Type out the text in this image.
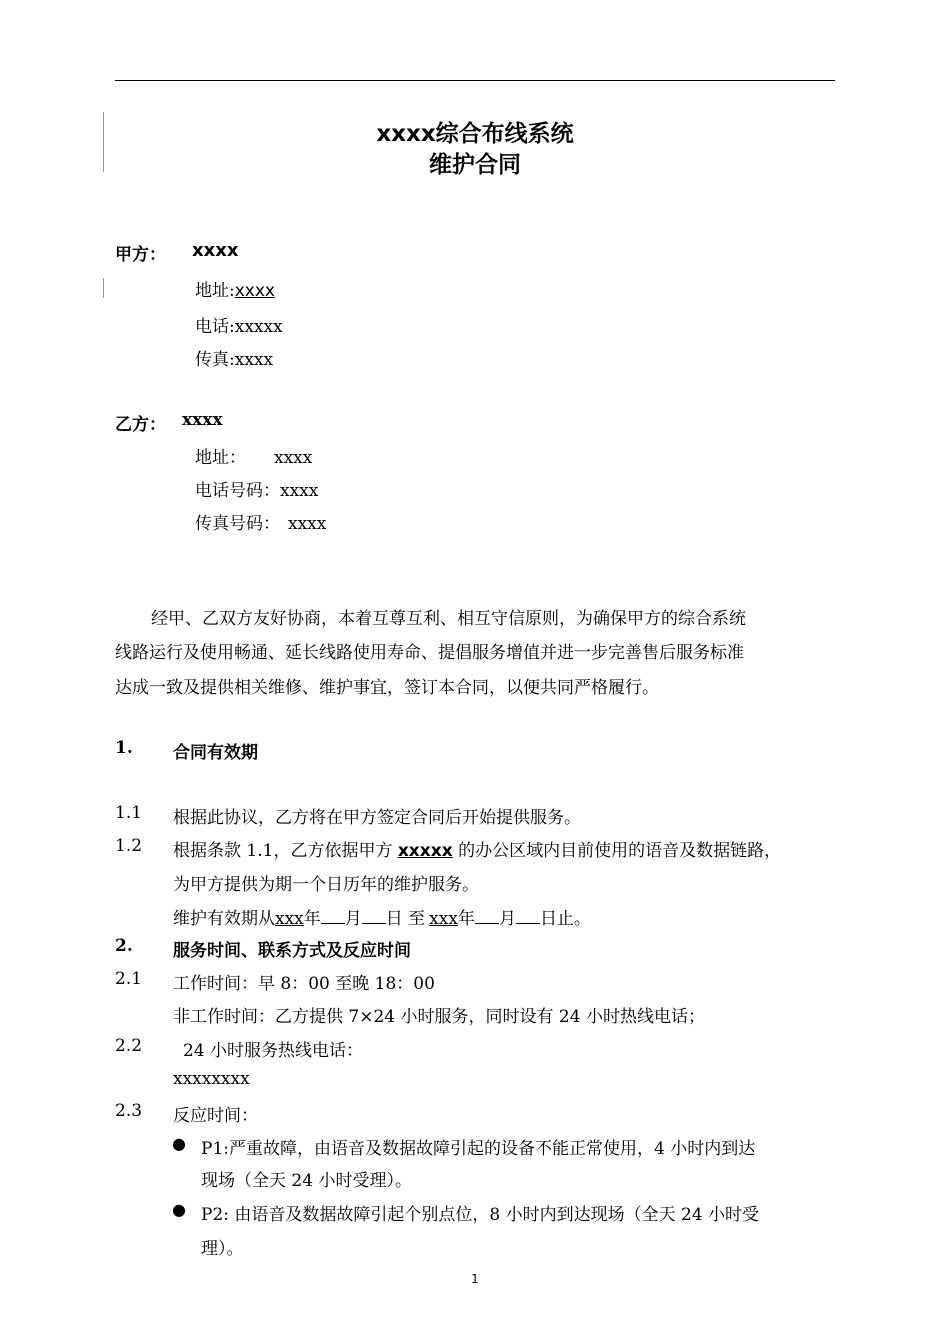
xxxx综合布线系统
维护合同
甲方： xxxx
地址:xxxx
电话:xxxxx
传真:xxxx
乙方： xxxx
地址： xxxx
电话号码：xxxx
传真号码： xxxx
经甲、乙双方友好协商，本着互尊互利、相互守信原则，为确保甲方的综合系统
线路运行及使用畅通、延长线路使用寿命、提倡服务增值并进一步完善售后服务标准
达成一致及提供相关维修、维护事宜，签订本合同，以便共同严格履行。
1. 合同有效期
1.1 根据此协议，乙方将在甲方签定合同后开始提供服务。
1.2 根据条款 1.1，乙方依据甲方 xxxxx 的办公区域内目前使用的语音及数据链路，
为甲方提供为期一个日历年的维护服务。
维护有效期从xxx年 月 日 至 xxx年 月 日止。
2. 服务时间、联系方式及反应时间
2.1 工作时间：早 8：00 至晚 18：00
非工作时间：乙方提供 7×24 小时服务，同时设有 24 小时热线电话；
2.2 24 小时服务热线电话：
xxxxxxxx
2.3 反应时间：
● P1:严重故障，由语音及数据故障引起的设备不能正常使用，4 小时内到达
现场（全天 24 小时受理）。
● P2: 由语音及数据故障引起个别点位，8 小时内到达现场（全天 24 小时受
理）。
1
